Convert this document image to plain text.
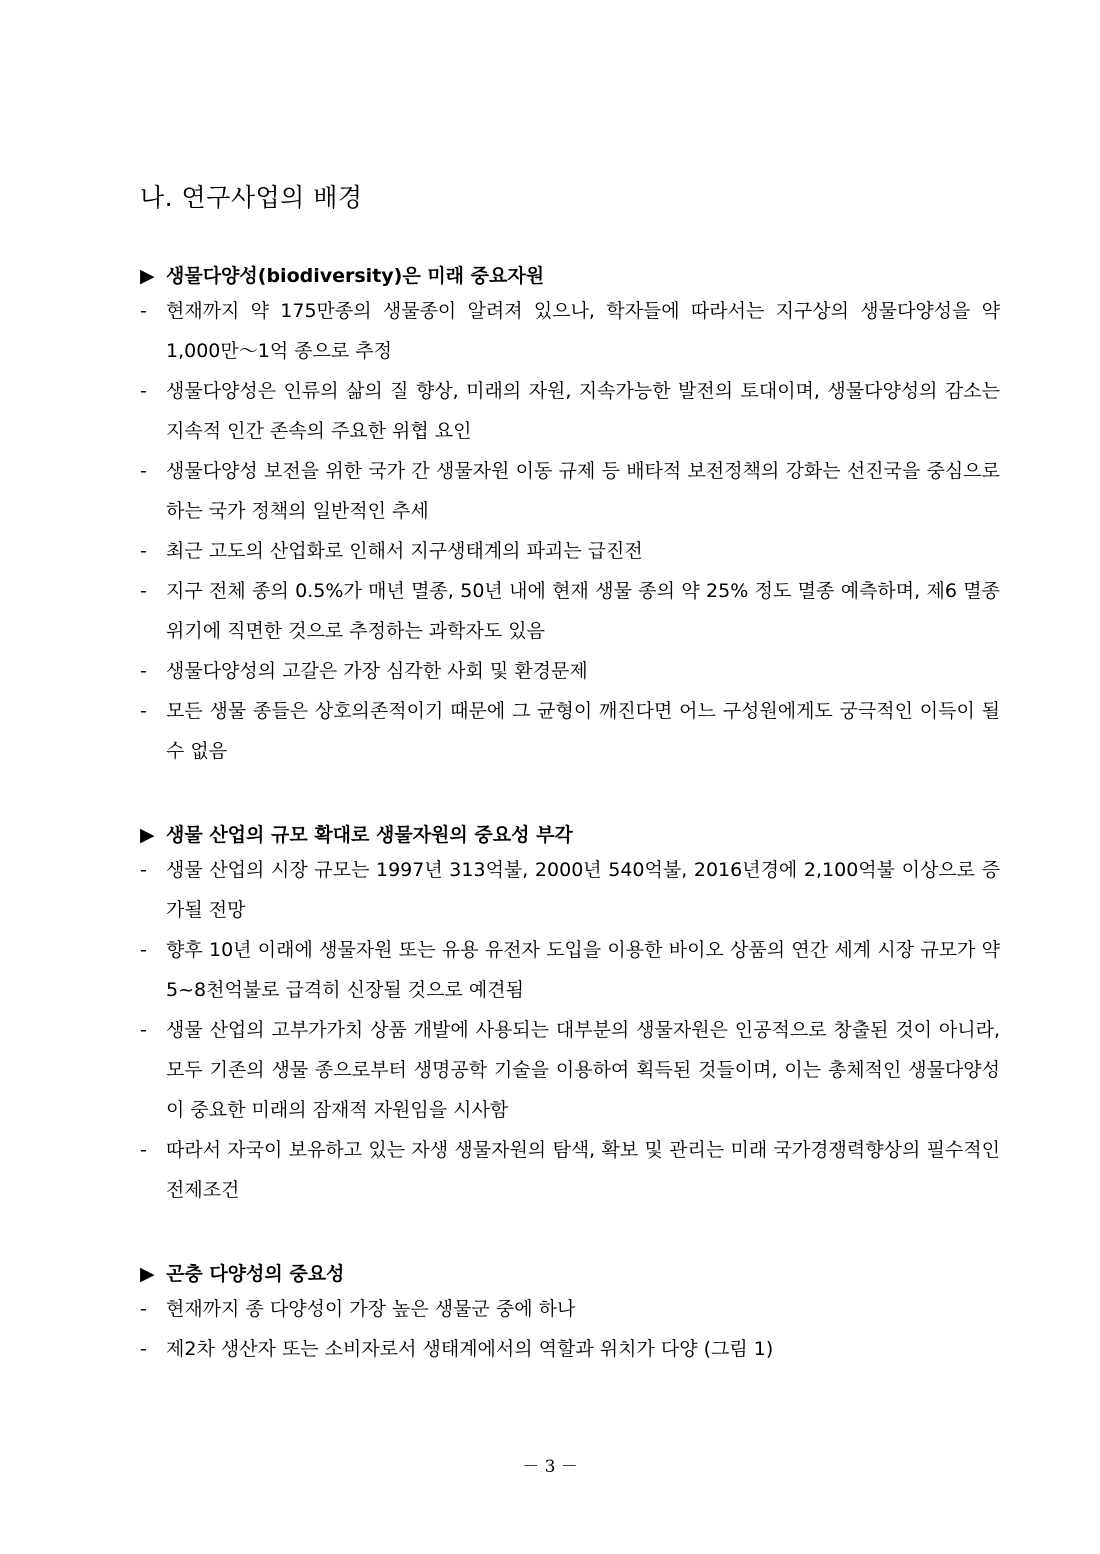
나. 연구사업의 배경
▶ 생물다양성(biodiversity)은 미래 중요자원
-	현재까지 약 175만종의 생물종이 알려져 있으나, 학자들에 따라서는 지구상의 생물다양성을 약 1,000만～1억 종으로 추정
-	생물다양성은 인류의 삶의 질 향상, 미래의 자원, 지속가능한 발전의 토대이며, 생물다양성의 감소는 지속적 인간 존속의 주요한 위협 요인
-	생물다양성 보전을 위한 국가 간 생물자원 이동 규제 등 배타적 보전정책의 강화는 선진국을 중심으로 하는 국가 정책의 일반적인 추세
-	최근 고도의 산업화로 인해서 지구생태계의 파괴는 급진전
-	지구 전체 종의 0.5%가 매년 멸종, 50년 내에 현재 생물 종의 약 25% 정도 멸종 예측하며, 제6 멸종위기에 직면한 것으로 추정하는 과학자도 있음
-	생물다양성의 고갈은 가장 심각한 사회 및 환경문제
-	모든 생물 종들은 상호의존적이기 때문에 그 균형이 깨진다면 어느 구성원에게도 궁극적인 이득이 될 수 없음
▶ 생물 산업의 규모 확대로 생물자원의 중요성 부각
-	생물 산업의 시장 규모는 1997년 313억불, 2000년 540억불, 2016년경에 2,100억불 이상으로 증가될 전망
-	향후 10년 이래에 생물자원 또는 유용 유전자 도입을 이용한 바이오 상품의 연간 세계 시장 규모가 약 5~8천억불로 급격히 신장될 것으로 예견됨
-	생물 산업의 고부가가치 상품 개발에 사용되는 대부분의 생물자원은 인공적으로 창출된 것이 아니라, 모두 기존의 생물 종으로부터 생명공학 기술을 이용하여 획득된 것들이며, 이는 총체적인 생물다양성이 중요한 미래의 잠재적 자원임을 시사함
-	따라서 자국이 보유하고 있는 자생 생물자원의 탐색, 확보 및 관리는 미래 국가경쟁력향상의 필수적인 전제조건
▶ 곤충 다양성의 중요성
-	현재까지 종 다양성이 가장 높은 생물군 중에 하나
-	제2차 생산자 또는 소비자로서 생태계에서의 역할과 위치가 다양 (그림 1)
－ 3 －
